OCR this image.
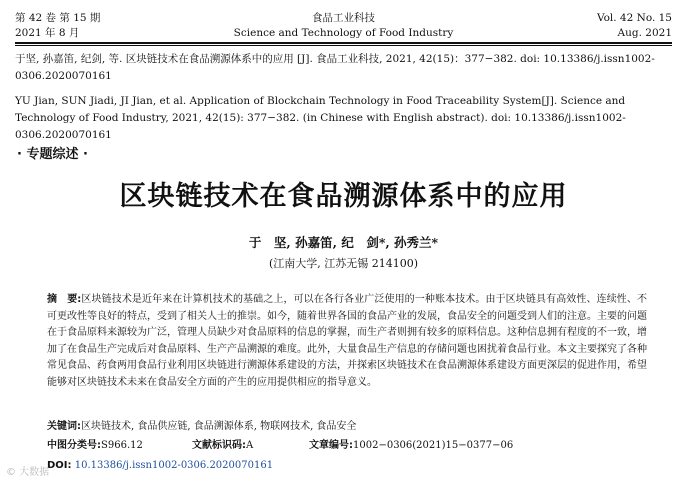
第 42 卷 第 15 期
2021 年 8 月
食品工业科技
Science and Technology of Food Industry
Vol. 42 No. 15
Aug. 2021
于坚, 孙嘉笛, 纪剑, 等. 区块链技术在食品溯源体系中的应用 [J]. 食品工业科技, 2021, 42(15)：377−382. doi: 10.13386/j.issn1002-0306.2020070161
YU Jian, SUN Jiadi, JI Jian, et al. Application of Blockchain Technology in Food Traceability System[J]. Science and Technology of Food Industry, 2021, 42(15): 377−382. (in Chinese with English abstract). doi: 10.13386/j.issn1002-0306.2020070161
· 专题综述 ·
区块链技术在食品溯源体系中的应用
于　坚, 孙嘉笛, 纪　剑*, 孙秀兰*
(江南大学, 江苏无锡 214100)
摘　要:区块链技术是近年来在计算机技术的基础之上，可以在各行各业广泛使用的一种账本技术。由于区块链具有高效性、连续性、不可更改性等良好的特点，受到了相关人士的推崇。如今，随着世界各国的食品产业的发展，食品安全的问题受到人们的注意。主要的问题在于食品原料来源较为广泛，管理人员缺少对食品原料的信息的掌握，而生产者则拥有较多的原料信息。这种信息拥有程度的不一致，增加了在食品生产完成后对食品原料、生产产品溯源的难度。此外，大量食品生产信息的存储问题也困扰着食品行业。本文主要探究了各种常见食品、药食两用食品行业利用区块链进行溯源体系建设的方法，并探索区块链技术在食品溯源体系建设方面更深层的促进作用，希望能够对区块链技术未来在食品安全方面的产生的应用提供相应的指导意义。
关键词:区块链技术, 食品供应链, 食品溯源体系, 物联网技术, 食品安全
中图分类号:S966.12	文献标识码:A	文章编号:1002−0306(2021)15−0377−06
DOI: 10.13386/j.issn1002-0306.2020070161
© 大数据
